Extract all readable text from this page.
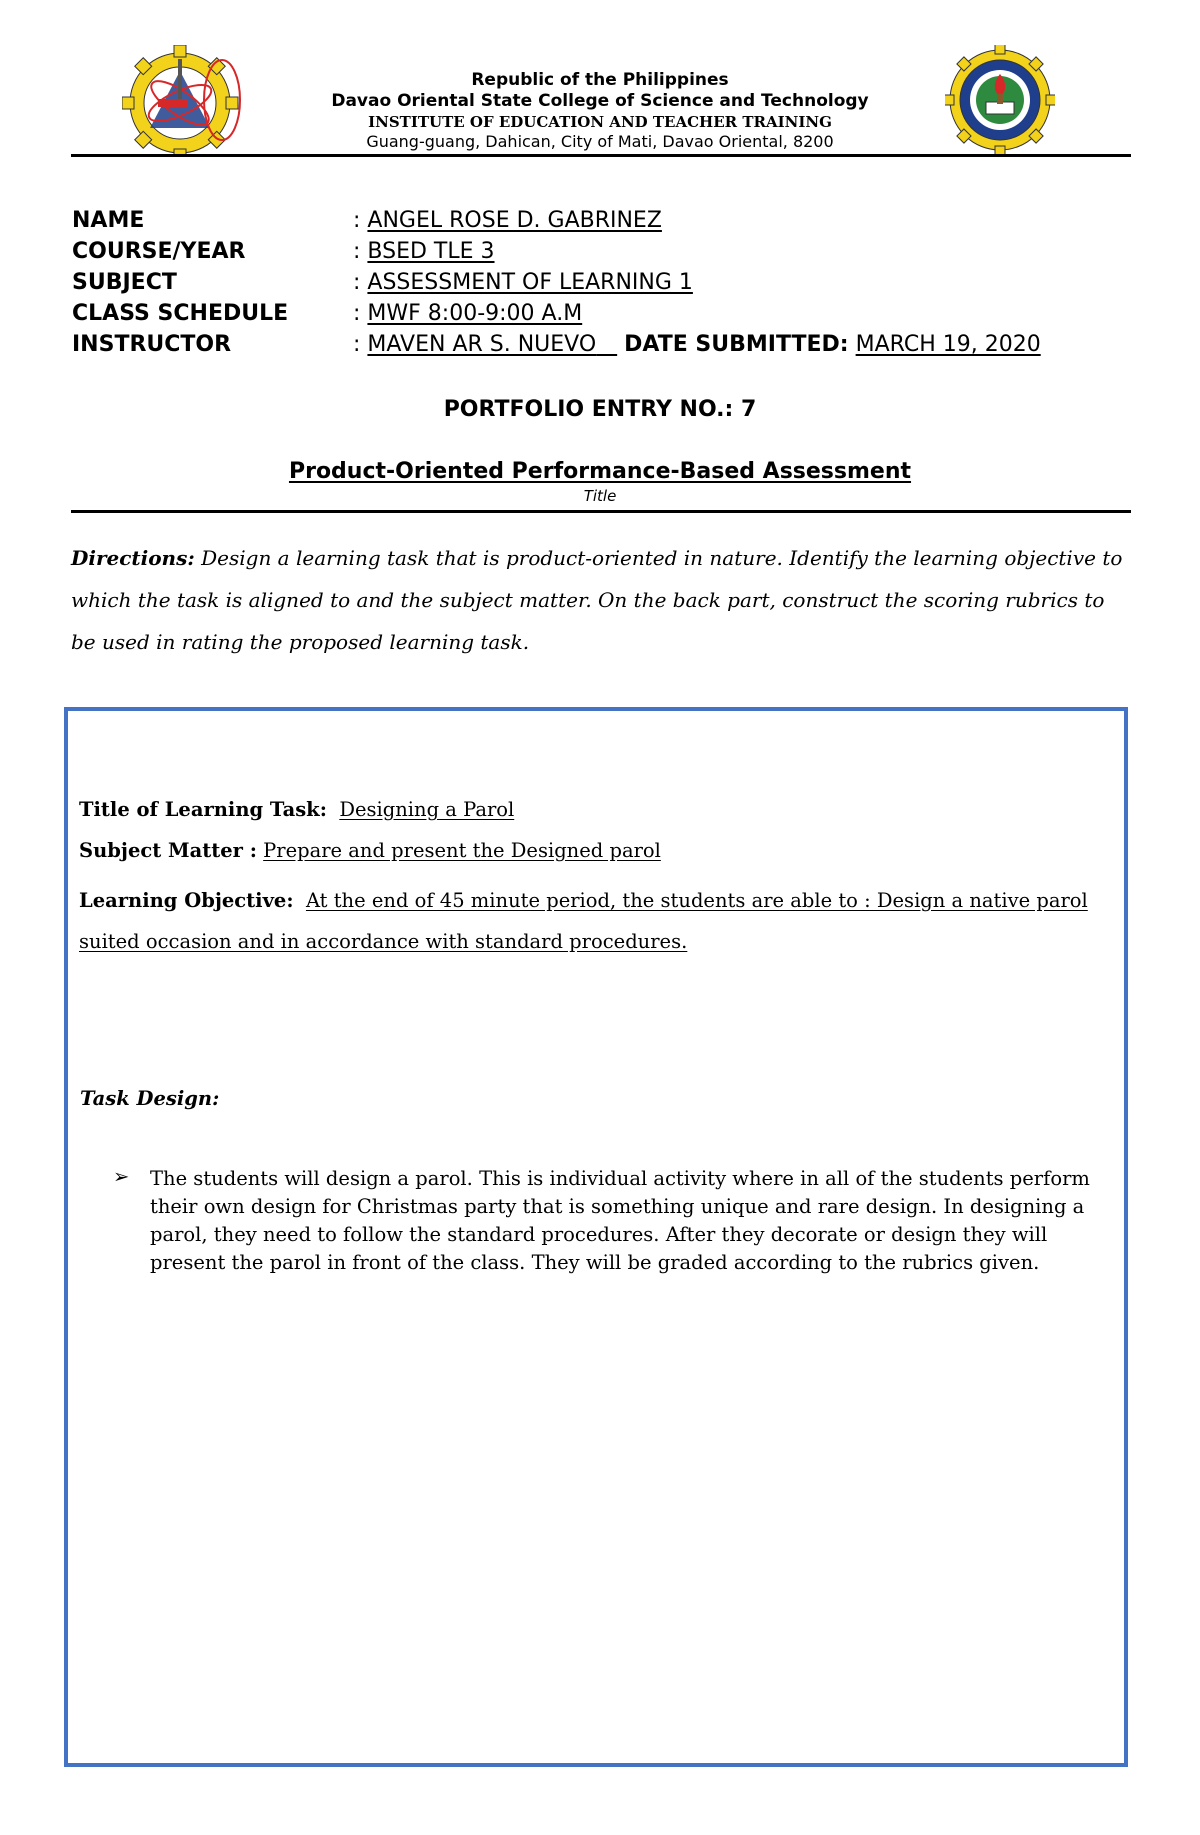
Republic of the Philippines
Davao Oriental State College of Science and Technology
INSTITUTE OF EDUCATION AND TEACHER TRAINING
Guang-guang, Dahican, City of Mati, Davao Oriental, 8200
NAME	: ANGEL ROSE D. GABRINEZ
COURSE/YEAR	: BSED TLE 3
SUBJECT	: ASSESSMENT OF LEARNING 1
CLASS SCHEDULE	: MWF 8:00-9:00 A.M
INSTRUCTOR	: MAVEN AR S. NUEVO DATE SUBMITTED: MARCH 19, 2020
PORTFOLIO ENTRY NO.: 7
Product-Oriented Performance-Based Assessment
Title
Directions: Design a learning task that is product-oriented in nature. Identify the learning objective to which the task is aligned to and the subject matter. On the back part, construct the scoring rubrics to be used in rating the proposed learning task.
Title of Learning Task: Designing a Parol
Subject Matter : Prepare and present the Designed parol
Learning Objective: At the end of 45 minute period, the students are able to : Design a native parol suited occasion and in accordance with standard procedures.
Task Design:
➢ The students will design a parol. This is individual activity where in all of the students perform their own design for Christmas party that is something unique and rare design. In designing a parol, they need to follow the standard procedures. After they decorate or design they will present the parol in front of the class. They will be graded according to the rubrics given.
